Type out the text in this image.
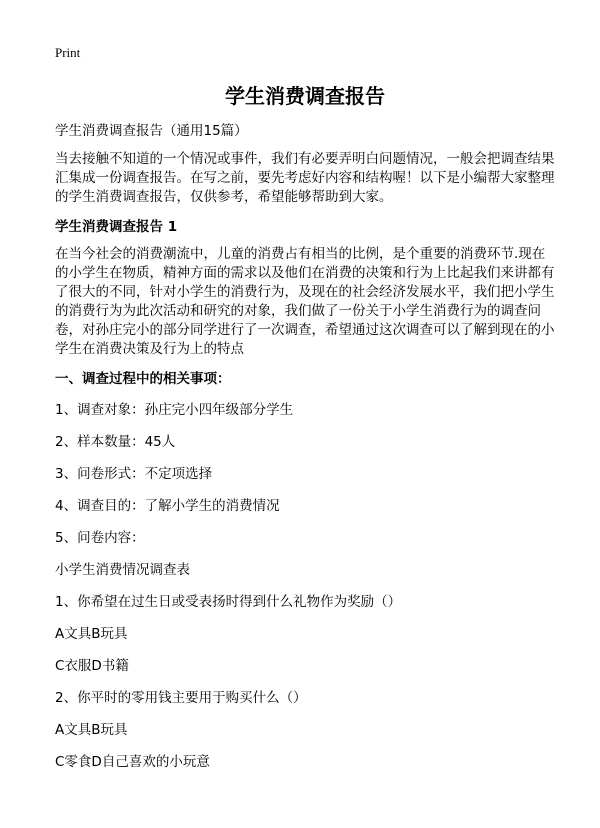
Print
学生消费调查报告

学生消费调查报告（通用15篇）

当去接触不知道的一个情况或事件，我们有必要弄明白问题情况，一般会把调查结果汇集成一份调查报告。在写之前，要先考虑好内容和结构喔！以下是小编帮大家整理的学生消费调查报告，仅供参考，希望能够帮助到大家。

学生消费调查报告 1

在当今社会的消费潮流中，儿童的消费占有相当的比例，是个重要的消费环节.现在的小学生在物质，精神方面的需求以及他们在消费的决策和行为上比起我们来讲都有了很大的不同，针对小学生的消费行为，及现在的社会经济发展水平，我们把小学生的消费行为为此次活动和研究的对象，我们做了一份关于小学生消费行为的调查问卷，对孙庄完小的部分同学进行了一次调查，希望通过这次调查可以了解到现在的小学生在消费决策及行为上的特点

一、调查过程中的相关事项：

1、调查对象：孙庄完小四年级部分学生

2、样本数量：45人

3、问卷形式：不定项选择

4、调查目的：了解小学生的消费情况

5、问卷内容：

小学生消费情况调查表

1、你希望在过生日或受表扬时得到什么礼物作为奖励（）

A文具B玩具

C衣服D书籍

2、你平时的零用钱主要用于购买什么（）

A文具B玩具

C零食D自己喜欢的小玩意
